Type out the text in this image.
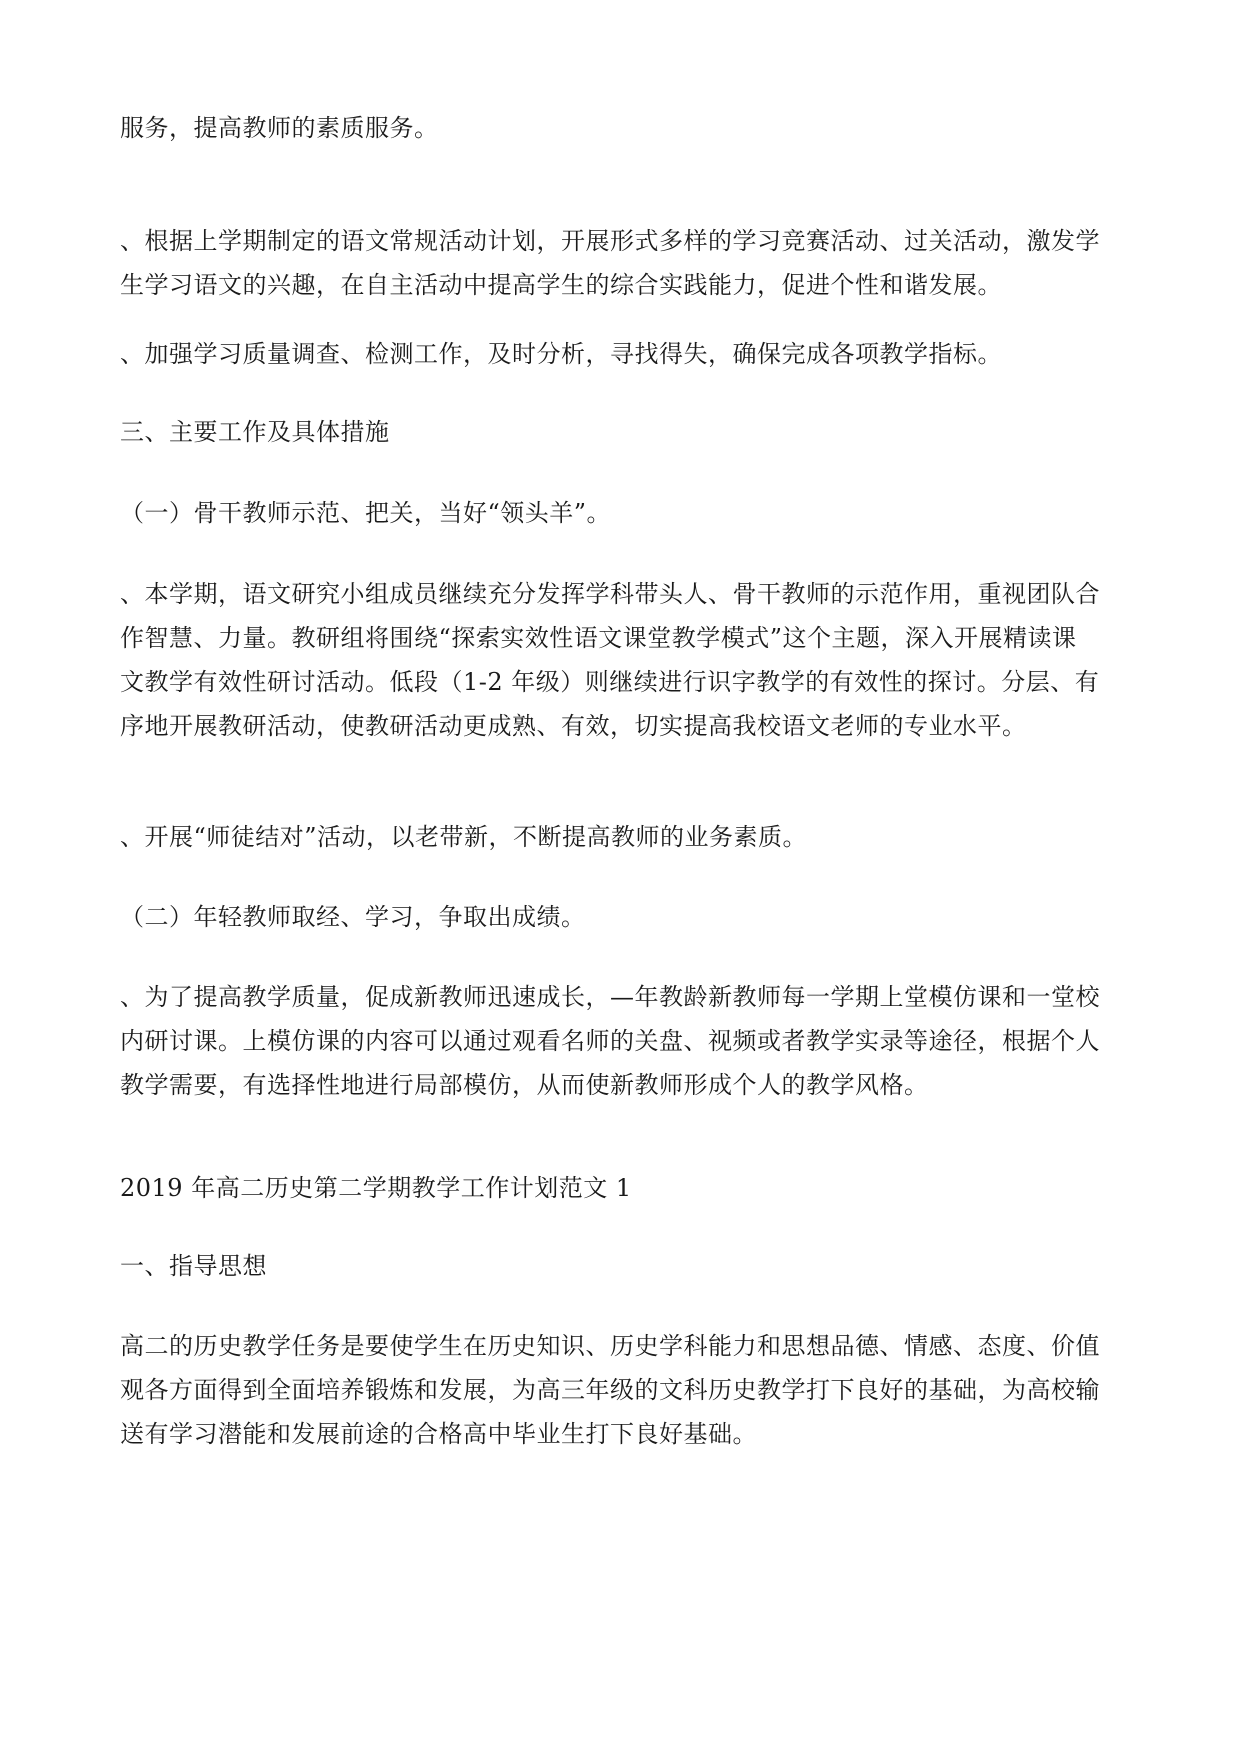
服务，提高教师的素质服务。

、根据上学期制定的语文常规活动计划，开展形式多样的学习竞赛活动、过关活动，激发学
生学习语文的兴趣，在自主活动中提高学生的综合实践能力，促进个性和谐发展。

、加强学习质量调查、检测工作，及时分析，寻找得失，确保完成各项教学指标。

三、主要工作及具体措施

（一）骨干教师示范、把关，当好“领头羊”。

、本学期，语文研究小组成员继续充分发挥学科带头人、骨干教师的示范作用，重视团队合
作智慧、力量。教研组将围绕“探索实效性语文课堂教学模式”这个主题，深入开展精读课
文教学有效性研讨活动。低段（1-2 年级）则继续进行识字教学的有效性的探讨。分层、有
序地开展教研活动，使教研活动更成熟、有效，切实提高我校语文老师的专业水平。

、开展“师徒结对”活动，以老带新，不断提高教师的业务素质。

（二）年轻教师取经、学习，争取出成绩。

、为了提高教学质量，促成新教师迅速成长，—年教龄新教师每一学期上堂模仿课和一堂校
内研讨课。上模仿课的内容可以通过观看名师的关盘、视频或者教学实录等途径，根据个人
教学需要，有选择性地进行局部模仿，从而使新教师形成个人的教学风格。

2019 年高二历史第二学期教学工作计划范文 1

一、指导思想

高二的历史教学任务是要使学生在历史知识、历史学科能力和思想品德、情感、态度、价值
观各方面得到全面培养锻炼和发展，为高三年级的文科历史教学打下良好的基础，为高校输
送有学习潜能和发展前途的合格高中毕业生打下良好基础。
